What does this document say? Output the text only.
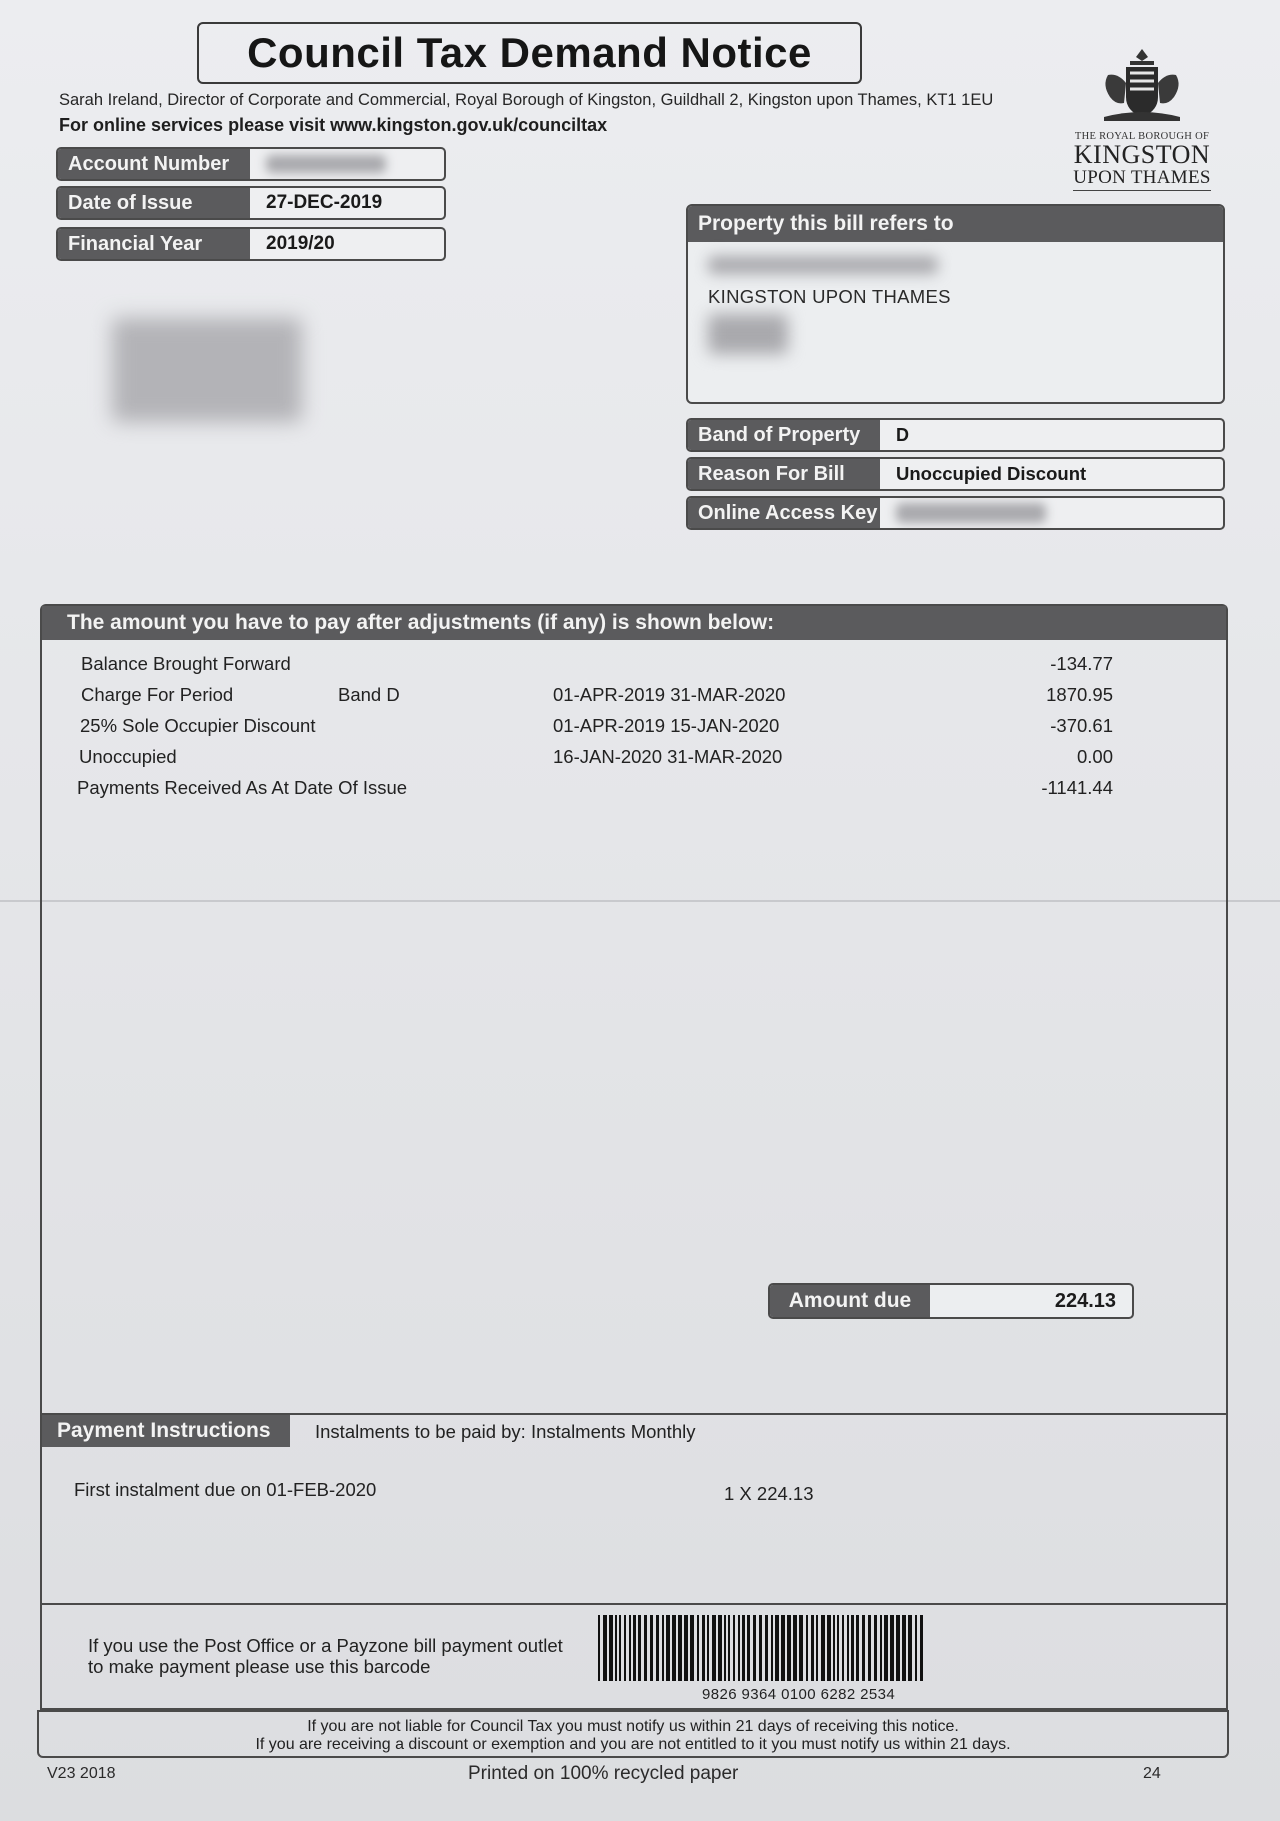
Council Tax Demand Notice
Sarah Ireland, Director of Corporate and Commercial, Royal Borough of Kingston, Guildhall 2, Kingston upon Thames, KT1 1EU
For online services please visit www.kingston.gov.uk/counciltax
THE ROYAL BOROUGH OF
KINGSTON
UPON THAMES
Account Number
Date of Issue	27-DEC-2019
Financial Year	2019/20
Property this bill refers to
KINGSTON UPON THAMES
Band of Property	D
Reason For Bill	Unoccupied Discount
Online Access Key
The amount you have to pay after adjustments (if any) is shown below:
Balance Brought Forward	-134.77
Charge For Period	Band D	01-APR-2019 31-MAR-2020	1870.95
25% Sole Occupier Discount	01-APR-2019 15-JAN-2020	-370.61
Unoccupied	16-JAN-2020 31-MAR-2020	0.00
Payments Received As At Date Of Issue	-1141.44
Amount due	224.13
Payment Instructions	Instalments to be paid by: Instalments Monthly
First instalment due on 01-FEB-2020	1 X 224.13
If you use the Post Office or a Payzone bill payment outlet to make payment please use this barcode
9826 9364 0100 6282 2534
If you are not liable for Council Tax you must notify us within 21 days of receiving this notice.
If you are receiving a discount or exemption and you are not entitled to it you must notify us within 21 days.
V23 2018	Printed on 100% recycled paper	24
